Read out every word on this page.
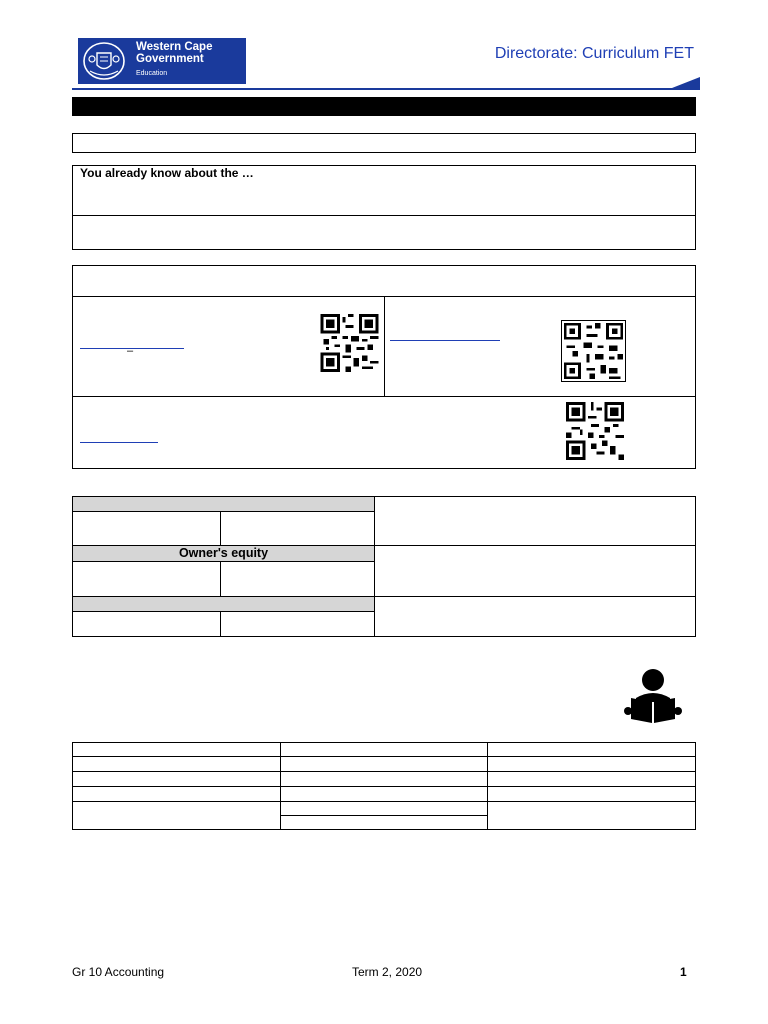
Western Cape
Government
Education
Directorate: Curriculum FET
You already know about the …
–
Owner's equity
Gr 10 Accounting	Term 2, 2020	1
